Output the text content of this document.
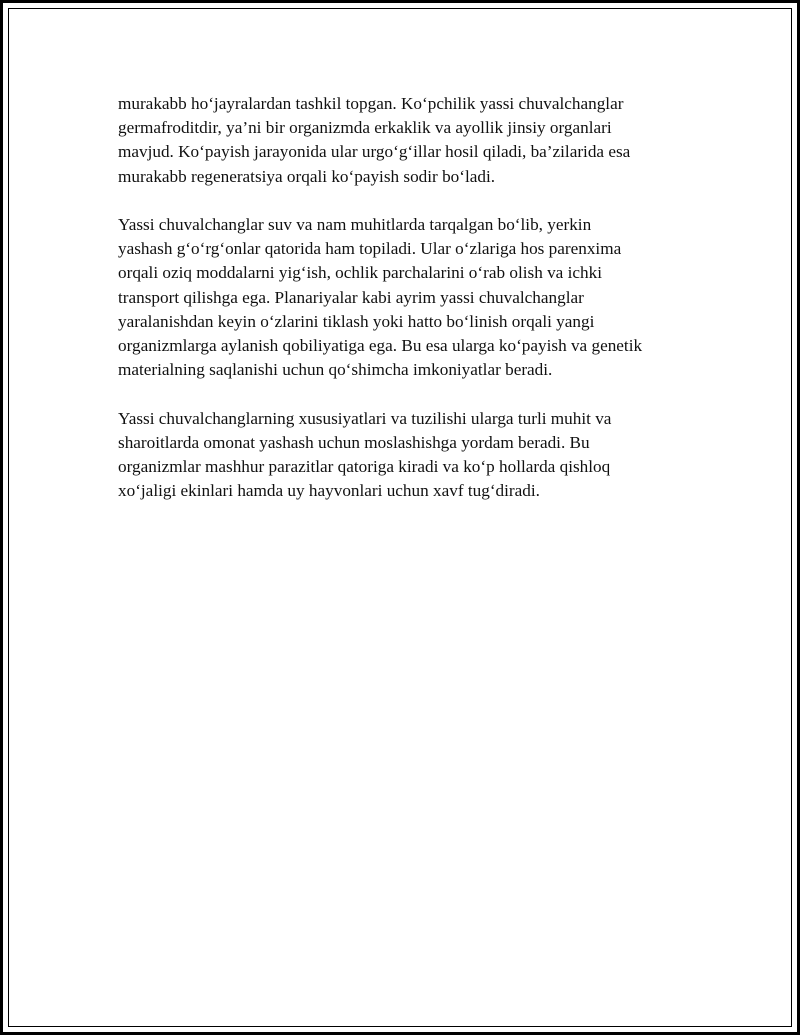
murakabb ho‘jayralardan tashkil topgan. Ko‘pchilik yassi chuvalchanglar
germafroditdir, ya’ni bir organizmda erkaklik va ayollik jinsiy organlari
mavjud. Ko‘payish jarayonida ular urgo‘g‘illar hosil qiladi, ba’zilarida esa
murakabb regeneratsiya orqali ko‘payish sodir bo‘ladi.

Yassi chuvalchanglar suv va nam muhitlarda tarqalgan bo‘lib, yerkin
yashash g‘o‘rg‘onlar qatorida ham topiladi. Ular o‘zlariga hos parenxima
orqali oziq moddalarni yig‘ish, ochlik parchalarini o‘rab olish va ichki
transport qilishga ega. Planariyalar kabi ayrim yassi chuvalchanglar
yaralanishdan keyin o‘zlarini tiklash yoki hatto bo‘linish orqali yangi
organizmlarga aylanish qobiliyatiga ega. Bu esa ularga ko‘payish va genetik
materialning saqlanishi uchun qo‘shimcha imkoniyatlar beradi.

Yassi chuvalchanglarning xususiyatlari va tuzilishi ularga turli muhit va
sharoitlarda omonat yashash uchun moslashishga yordam beradi. Bu
organizmlar mashhur parazitlar qatoriga kiradi va ko‘p hollarda qishloq
xo‘jaligi ekinlari hamda uy hayvonlari uchun xavf tug‘diradi.
